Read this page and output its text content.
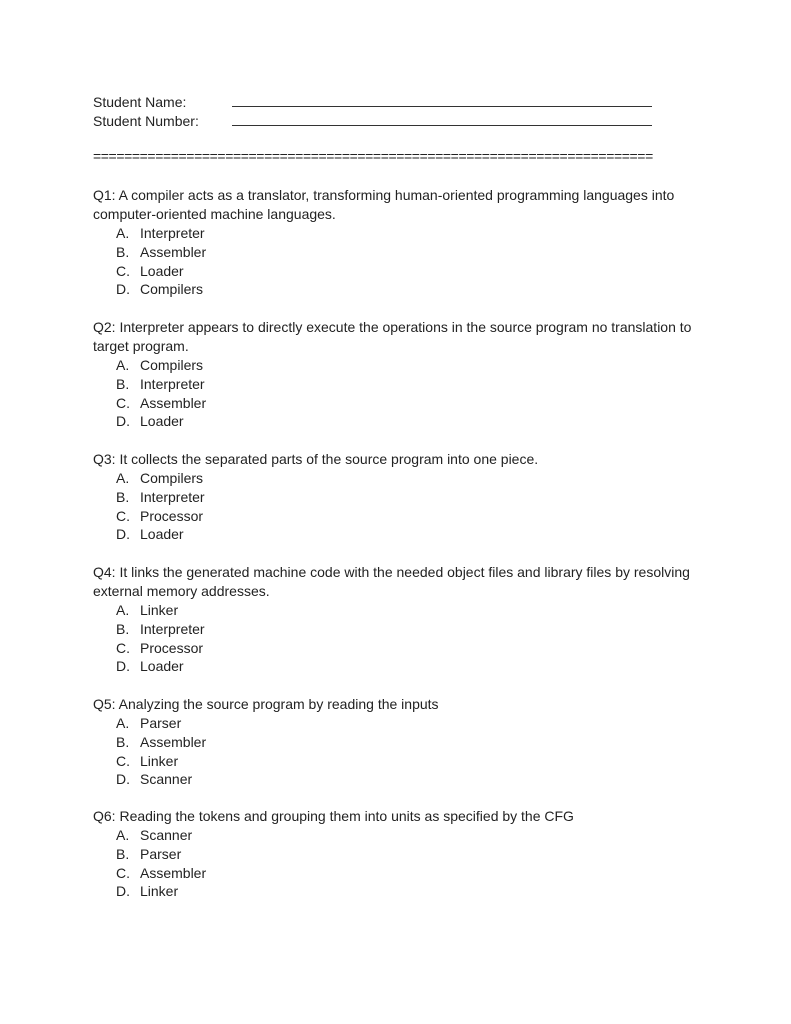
Student Name:
Student Number:
========================================================================

Q1: A compiler acts as a translator, transforming human-oriented programming languages into computer-oriented machine languages.

A. Interpreter
B. Assembler
C. Loader
D. Compilers

Q2: Interpreter appears to directly execute the operations in the source program no translation to target program.

A. Compilers
B. Interpreter
C. Assembler
D. Loader

Q3: It collects the separated parts of the source program into one piece.

A. Compilers
B. Interpreter
C. Processor
D. Loader

Q4: It links the generated machine code with the needed object files and library files by resolving external memory addresses.

A. Linker
B. Interpreter
C. Processor
D. Loader

Q5: Analyzing the source program by reading the inputs

A. Parser
B. Assembler
C. Linker
D. Scanner

Q6: Reading the tokens and grouping them into units as specified by the CFG

A. Scanner
B. Parser
C. Assembler
D. Linker
